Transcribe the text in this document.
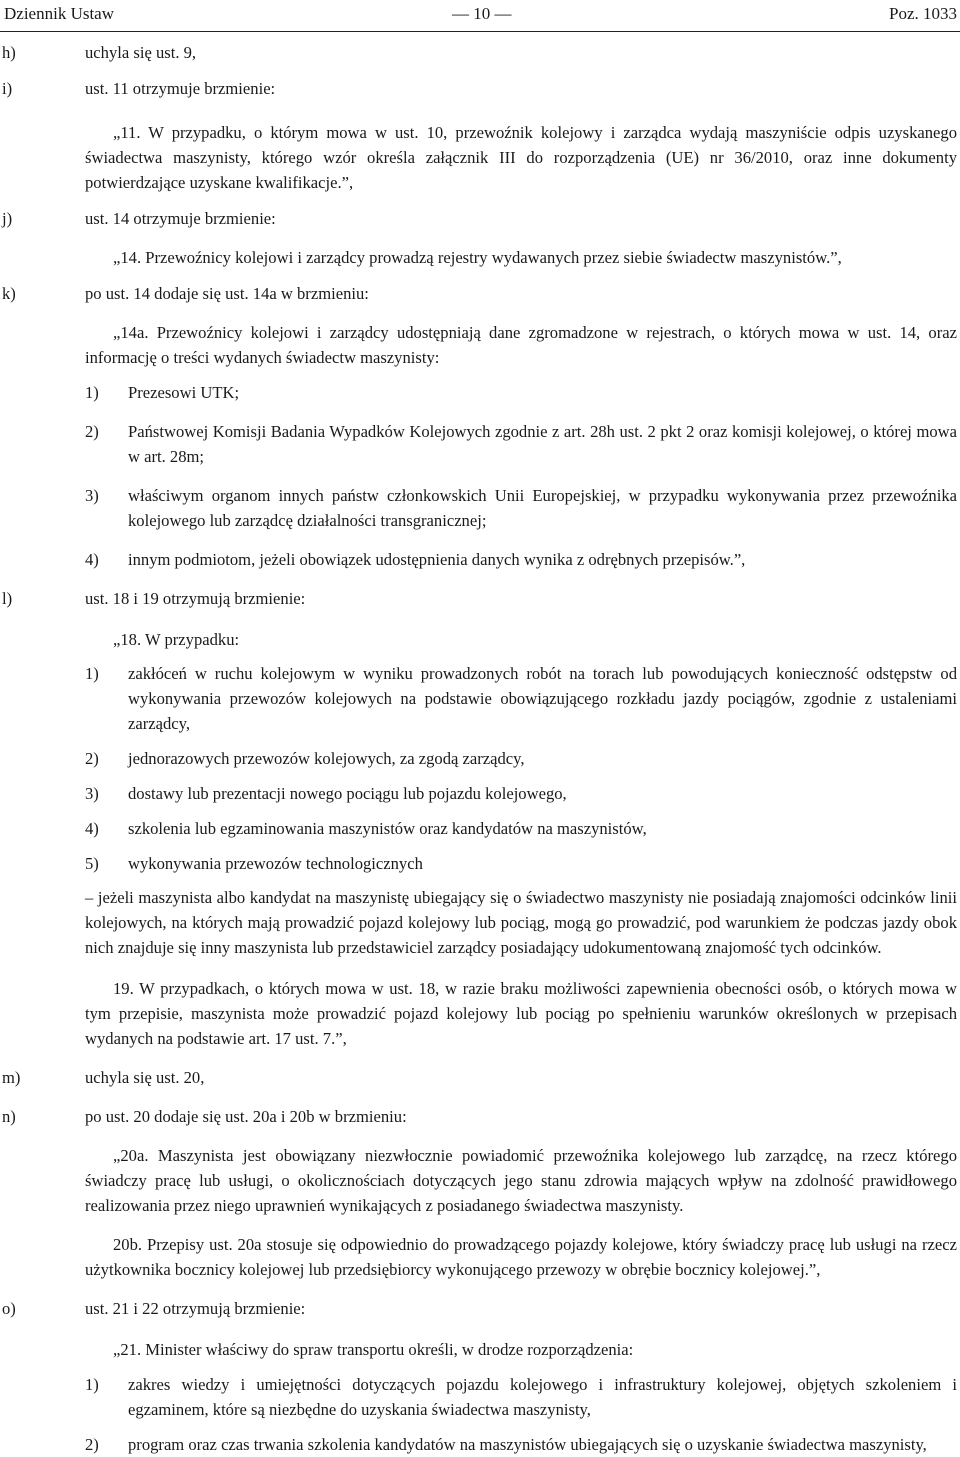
Dziennik Ustaw	— 10 —	Poz. 1033
h)	uchyla się ust. 9,
i)	ust. 11 otrzymuje brzmienie:
„11. W przypadku, o którym mowa w ust. 10, przewoźnik kolejowy i zarządca wydają maszyniście odpis uzyskanego świadectwa maszynisty, którego wzór określa załącznik III do rozporządzenia (UE) nr 36/2010, oraz inne dokumenty potwierdzające uzyskane kwalifikacje.”,
j)	ust. 14 otrzymuje brzmienie:
„14. Przewoźnicy kolejowi i zarządcy prowadzą rejestry wydawanych przez siebie świadectw maszynistów.”,
k)	po ust. 14 dodaje się ust. 14a w brzmieniu:
„14a. Przewoźnicy kolejowi i zarządcy udostępniają dane zgromadzone w rejestrach, o których mowa w ust. 14, oraz informację o treści wydanych świadectw maszynisty:
1) Prezesowi UTK;
2) Państwowej Komisji Badania Wypadków Kolejowych zgodnie z art. 28h ust. 2 pkt 2 oraz komisji kolejowej, o której mowa w art. 28m;
3) właściwym organom innych państw członkowskich Unii Europejskiej, w przypadku wykonywania przez przewoźnika kolejowego lub zarządcę działalności transgranicznej;
4) innym podmiotom, jeżeli obowiązek udostępnienia danych wynika z odrębnych przepisów.”,
l)	ust. 18 i 19 otrzymują brzmienie:
„18. W przypadku:
1) zakłóceń w ruchu kolejowym w wyniku prowadzonych robót na torach lub powodujących konieczność odstępstw od wykonywania przewozów kolejowych na podstawie obowiązującego rozkładu jazdy pociągów, zgodnie z ustaleniami zarządcy,
2) jednorazowych przewozów kolejowych, za zgodą zarządcy,
3) dostawy lub prezentacji nowego pociągu lub pojazdu kolejowego,
4) szkolenia lub egzaminowania maszynistów oraz kandydatów na maszynistów,
5) wykonywania przewozów technologicznych
– jeżeli maszynista albo kandydat na maszynistę ubiegający się o świadectwo maszynisty nie posiadają znajomości odcinków linii kolejowych, na których mają prowadzić pojazd kolejowy lub pociąg, mogą go prowadzić, pod warunkiem że podczas jazdy obok nich znajduje się inny maszynista lub przedstawiciel zarządcy posiadający udokumentowaną znajomość tych odcinków.
19. W przypadkach, o których mowa w ust. 18, w razie braku możliwości zapewnienia obecności osób, o których mowa w tym przepisie, maszynista może prowadzić pojazd kolejowy lub pociąg po spełnieniu warunków określonych w przepisach wydanych na podstawie art. 17 ust. 7.”,
m)	uchyla się ust. 20,
n)	po ust. 20 dodaje się ust. 20a i 20b w brzmieniu:
„20a. Maszynista jest obowiązany niezwłocznie powiadomić przewoźnika kolejowego lub zarządcę, na rzecz którego świadczy pracę lub usługi, o okolicznościach dotyczących jego stanu zdrowia mających wpływ na zdolność prawidłowego realizowania przez niego uprawnień wynikających z posiadanego świadectwa maszynisty.
20b. Przepisy ust. 20a stosuje się odpowiednio do prowadzącego pojazdy kolejowe, który świadczy pracę lub usługi na rzecz użytkownika bocznicy kolejowej lub przedsiębiorcy wykonującego przewozy w obrębie bocznicy kolejowej.”,
o)	ust. 21 i 22 otrzymują brzmienie:
„21. Minister właściwy do spraw transportu określi, w drodze rozporządzenia:
1) zakres wiedzy i umiejętności dotyczących pojazdu kolejowego i infrastruktury kolejowej, objętych szkoleniem i egzaminem, które są niezbędne do uzyskania świadectwa maszynisty,
2) program oraz czas trwania szkolenia kandydatów na maszynistów ubiegających się o uzyskanie świadectwa maszynisty,
